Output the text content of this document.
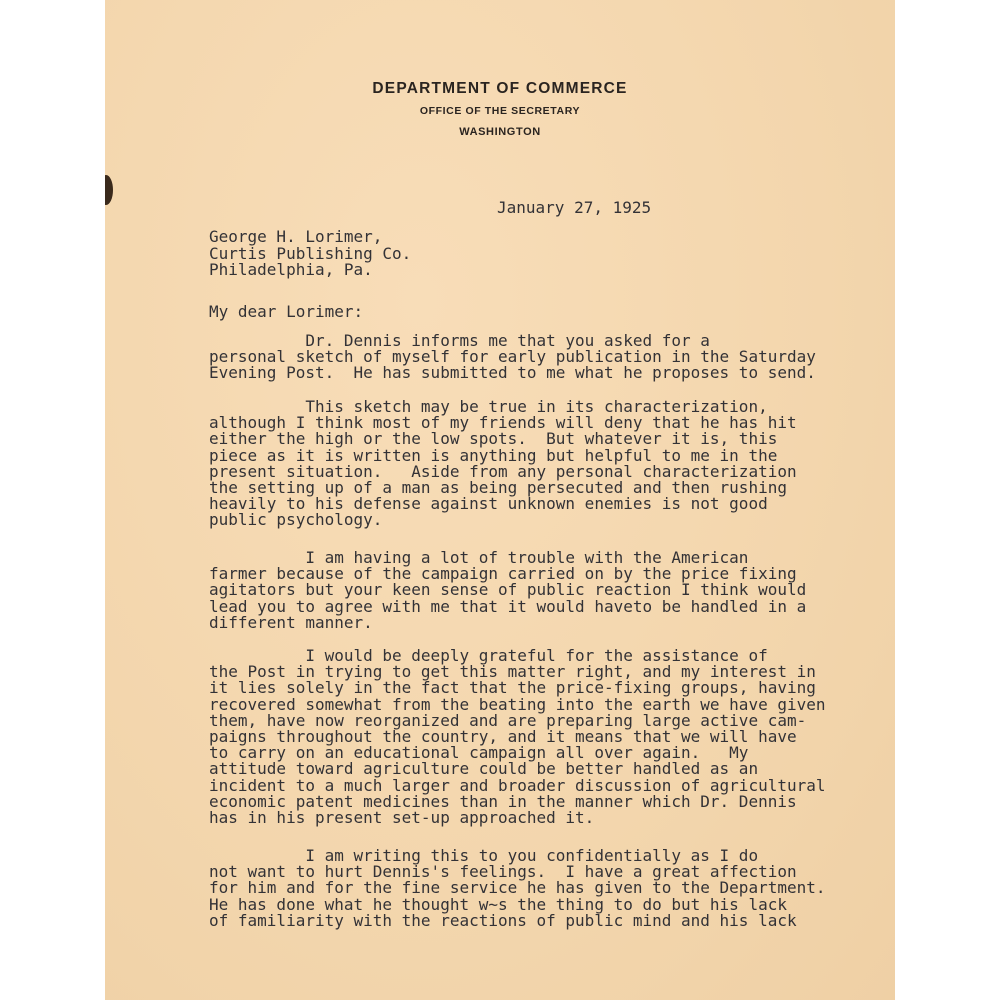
DEPARTMENT OF COMMERCE
OFFICE OF THE SECRETARY
WASHINGTON
January 27, 1925
George H. Lorimer,
Curtis Publishing Co.
Philadelphia, Pa.
My dear Lorimer:
Dr. Dennis informs me that you asked for a
personal sketch of myself for early publication in the Saturday
Evening Post.  He has submitted to me what he proposes to send.
This sketch may be true in its characterization,
although I think most of my friends will deny that he has hit
either the high or the low spots.  But whatever it is, this
piece as it is written is anything but helpful to me in the
present situation.   Aside from any personal characterization
the setting up of a man as being persecuted and then rushing
heavily to his defense against unknown enemies is not good
public psychology.
I am having a lot of trouble with the American
farmer because of the campaign carried on by the price fixing
agitators but your keen sense of public reaction I think would
lead you to agree with me that it would haveto be handled in a
different manner.
I would be deeply grateful for the assistance of
the Post in trying to get this matter right, and my interest in
it lies solely in the fact that the price-fixing groups, having
recovered somewhat from the beating into the earth we have given
them, have now reorganized and are preparing large active cam-
paigns throughout the country, and it means that we will have
to carry on an educational campaign all over again.   My
attitude toward agriculture could be better handled as an
incident to a much larger and broader discussion of agricultural
economic patent medicines than in the manner which Dr. Dennis
has in his present set-up approached it.
I am writing this to you confidentially as I do
not want to hurt Dennis's feelings.  I have a great affection
for him and for the fine service he has given to the Department.
He has done what he thought w~s the thing to do but his lack
of familiarity with the reactions of public mind and his lack
